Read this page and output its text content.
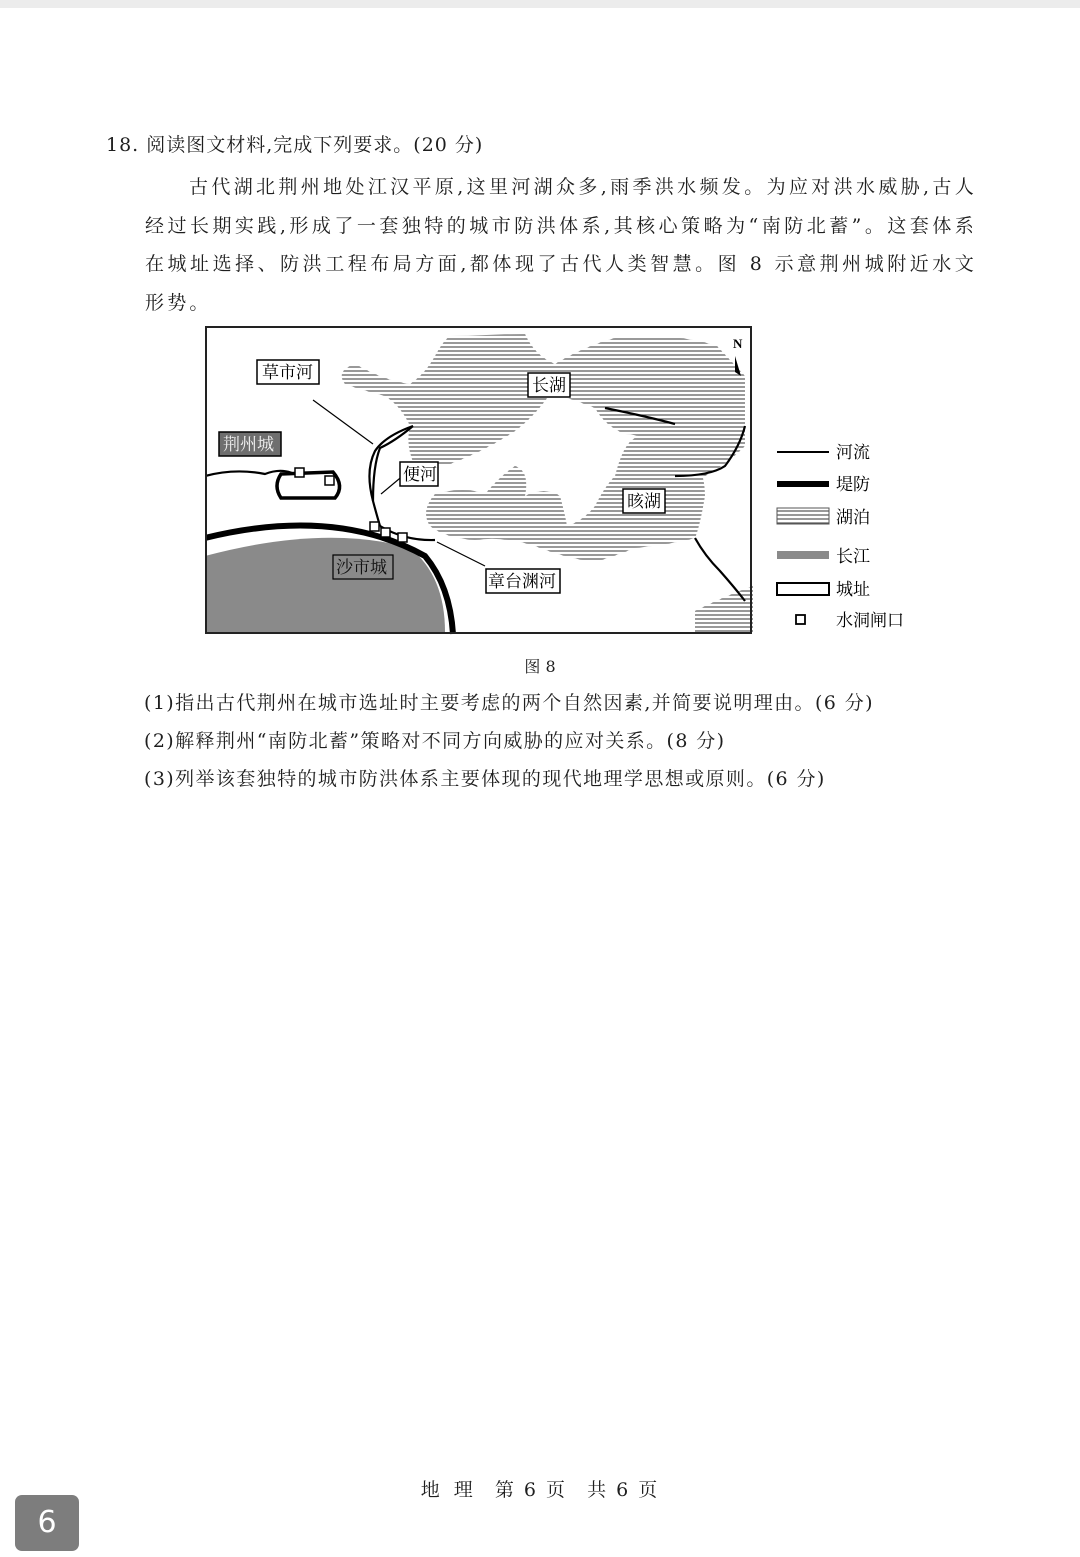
18. 阅读图文材料,完成下列要求。(20 分)
古代湖北荆州地处江汉平原,这里河湖众多,雨季洪水频发。为应对洪水威胁,古人经过长期实践,形成了一套独特的城市防洪体系,其核心策略为“南防北蓄”。这套体系在城址选择、防洪工程布局方面,都体现了古代人类智慧。图 8 示意荆州城附近水文形势。
N
草市河
长湖
荆州城
便河
晐湖
沙市城
章台渊河
河流
堤防
湖泊
长江
城址
水洞闸口
图 8
(1)指出古代荆州在城市选址时主要考虑的两个自然因素,并简要说明理由。(6 分)
(2)解释荆州“南防北蓄”策略对不同方向威胁的应对关系。(8 分)
(3)列举该套独特的城市防洪体系主要体现的现代地理学思想或原则。(6 分)
地 理 第 6 页 共 6 页
6
